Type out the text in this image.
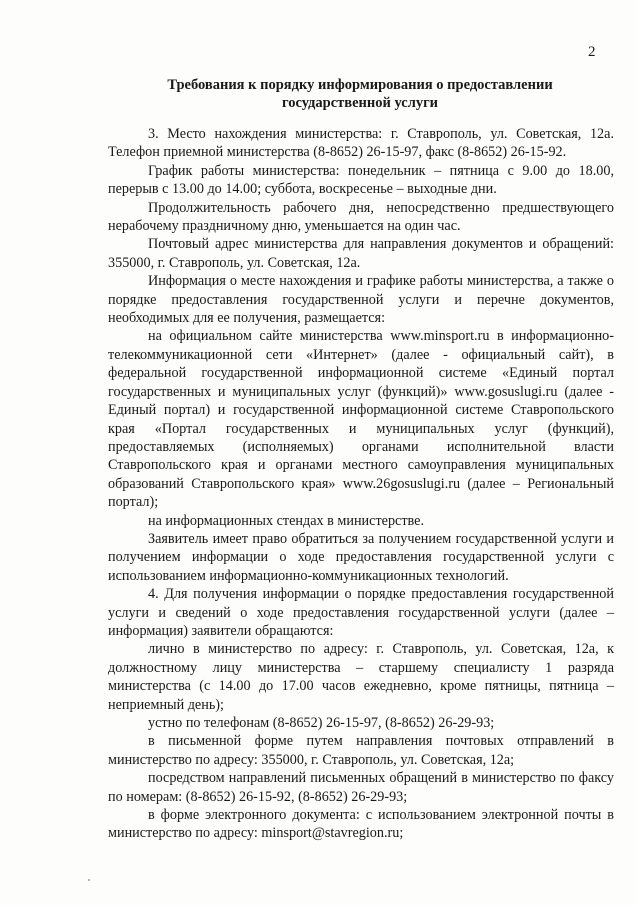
2
Требования к порядку информирования о предоставлении
государственной услуги

3. Место нахождения министерства: г. Ставрополь, ул. Советская, 12а. Телефон приемной министерства (8-8652) 26-15-97, факс (8-8652) 26-15-92.

График работы министерства: понедельник – пятница с 9.00 до 18.00, перерыв с 13.00 до 14.00; суббота, воскресенье – выходные дни.

Продолжительность рабочего дня, непосредственно предшествующего нерабочему праздничному дню, уменьшается на один час.

Почтовый адрес министерства для направления документов и обращений: 355000, г. Ставрополь, ул. Советская, 12а.

Информация о месте нахождения и графике работы министерства, а также о порядке предоставления государственной услуги и перечне документов, необходимых для ее получения, размещается:

на официальном сайте министерства www.minsport.ru в информационно-телекоммуникационной сети «Интернет» (далее - официальный сайт), в федеральной государственной информационной системе «Единый портал государственных и муниципальных услуг (функций)» www.gosuslugi.ru (далее - Единый портал) и государственной информационной системе Ставропольского края «Портал государственных и муниципальных услуг (функций), предоставляемых (исполняемых) органами исполнительной власти Ставропольского края и органами местного самоуправления муниципальных образований Ставропольского края» www.26gosuslugi.ru (далее – Региональный портал);

на информационных стендах в министерстве.

Заявитель имеет право обратиться за получением государственной услуги и получением информации о ходе предоставления государственной услуги с использованием информационно-коммуникационных технологий.

4. Для получения информации о порядке предоставления государственной услуги и сведений о ходе предоставления государственной услуги (далее – информация) заявители обращаются:

лично в министерство по адресу: г. Ставрополь, ул. Советская, 12а, к должностному лицу министерства – старшему специалисту 1 разряда министерства (с 14.00 до 17.00 часов ежедневно, кроме пятницы, пятница – неприемный день);

устно по телефонам (8-8652) 26-15-97, (8-8652) 26-29-93;

в письменной форме путем направления почтовых отправлений в министерство по адресу: 355000, г. Ставрополь, ул. Советская, 12а;

посредством направлений письменных обращений в министерство по факсу по номерам: (8-8652) 26-15-92, (8-8652) 26-29-93;

в форме электронного документа: с использованием электронной почты в министерство по адресу: minsport@stavregion.ru;
